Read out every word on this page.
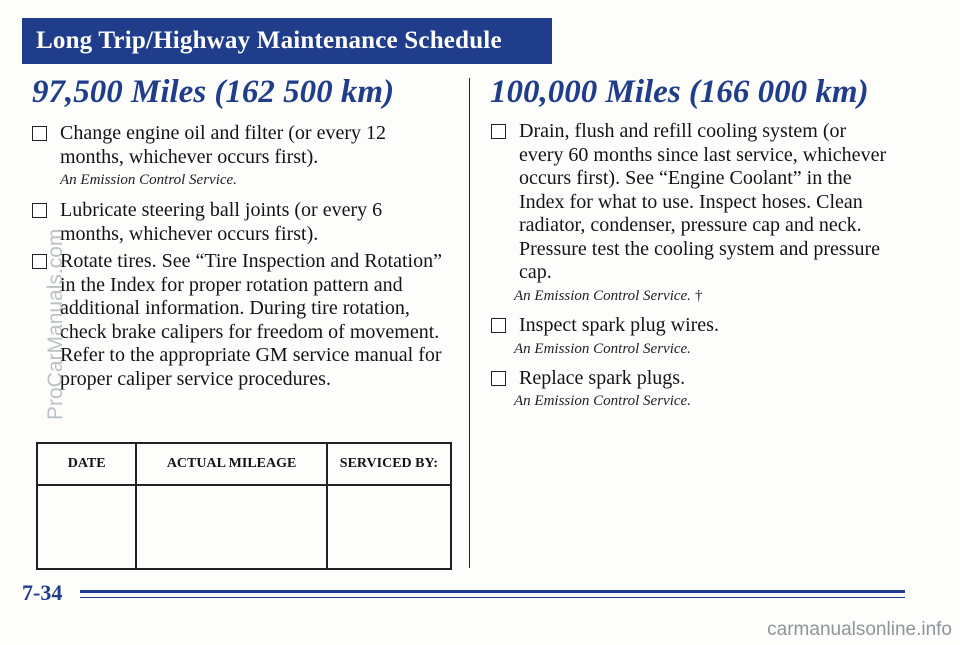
Long Trip/Highway Maintenance Schedule
97,500 Miles (162 500 km)	100,000 Miles (166 000 km)
Change engine oil and filter (or every 12 months, whichever occurs first).
An Emission Control Service.
Lubricate steering ball joints (or every 6 months, whichever occurs first).
Rotate tires. See “Tire Inspection and Rotation” in the Index for proper rotation pattern and additional information. During tire rotation, check brake calipers for freedom of movement. Refer to the appropriate GM service manual for proper caliper service procedures.
DATE	ACTUAL MILEAGE	SERVICED BY:

Drain, flush and refill cooling system (or every 60 months since last service, whichever occurs first). See “Engine Coolant” in the Index for what to use. Inspect hoses. Clean radiator, condenser, pressure cap and neck. Pressure test the cooling system and pressure cap.
An Emission Control Service. †
Inspect spark plug wires.
An Emission Control Service.
Replace spark plugs.
An Emission Control Service.
7-34
ProCarManuals.com
carmanualsonline.info
